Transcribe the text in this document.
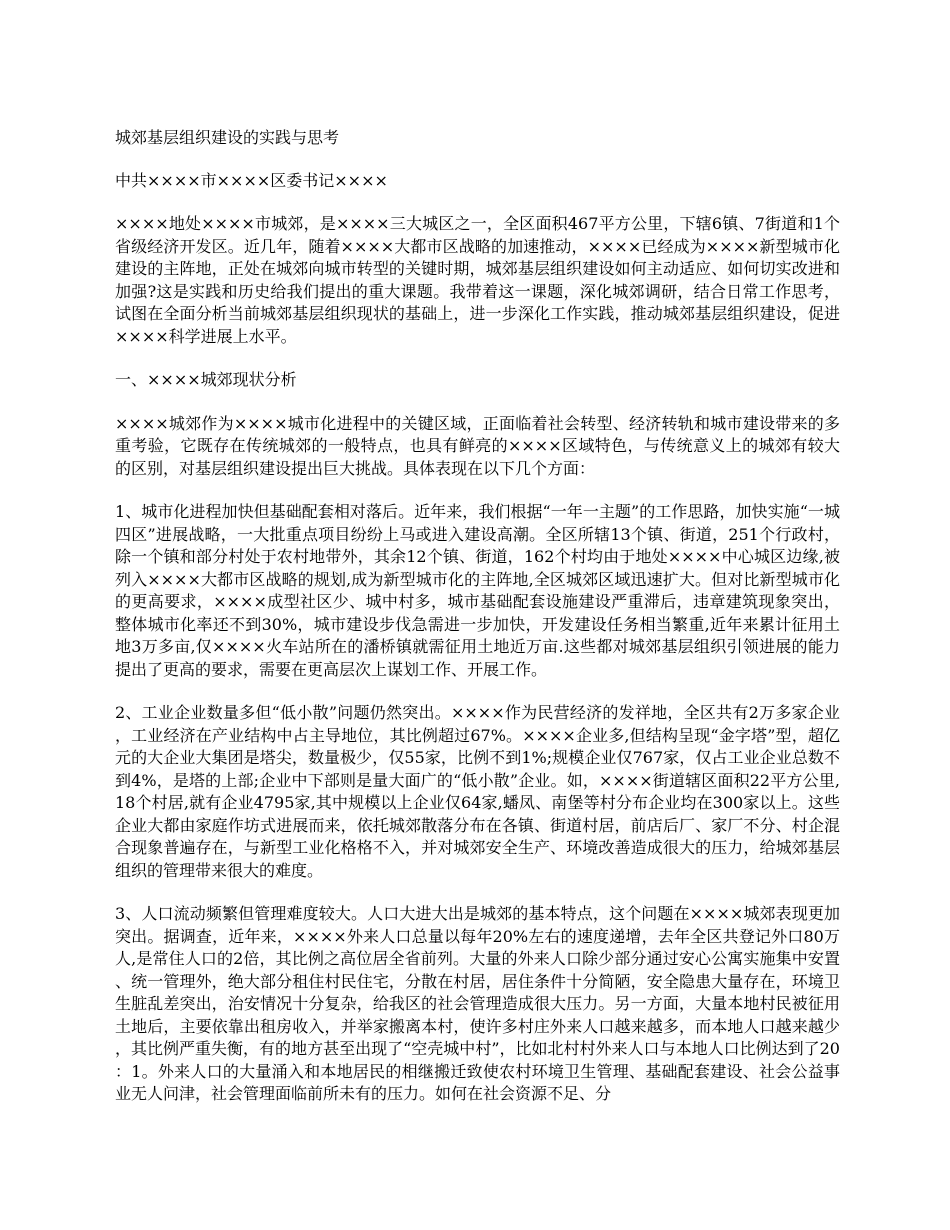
城郊基层组织建设的实践与思考

中共××××市××××区委书记××××

××××地处××××市城郊，是××××三大城区之一，全区面积467平方公里，下辖6镇、7街道和1个省级经济开发区。近几年，随着××××大都市区战略的加速推动，××××已经成为××××新型城市化建设的主阵地，正处在城郊向城市转型的关键时期，城郊基层组织建设如何主动适应、如何切实改进和加强?这是实践和历史给我们提出的重大课题。我带着这一课题，深化城郊调研，结合日常工作思考，试图在全面分析当前城郊基层组织现状的基础上，进一步深化工作实践，推动城郊基层组织建设，促进××××科学进展上水平。

一、××××城郊现状分析

××××城郊作为××××城市化进程中的关键区域，正面临着社会转型、经济转轨和城市建设带来的多重考验，它既存在传统城郊的一般特点，也具有鲜亮的××××区域特色，与传统意义上的城郊有较大的区别，对基层组织建设提出巨大挑战。具体表现在以下几个方面：

1、城市化进程加快但基础配套相对落后。近年来，我们根据“一年一主题”的工作思路，加快实施“一城四区”进展战略，一大批重点项目纷纷上马或进入建设高潮。全区所辖13个镇、街道，251个行政村，除一个镇和部分村处于农村地带外，其余12个镇、街道，162个村均由于地处××××中心城区边缘,被列入××××大都市区战略的规划,成为新型城市化的主阵地,全区城郊区域迅速扩大。但对比新型城市化的更高要求，××××成型社区少、城中村多，城市基础配套设施建设严重滞后，违章建筑现象突出，整体城市化率还不到30%，城市建设步伐急需进一步加快，开发建设任务相当繁重,近年来累计征用土地3万多亩,仅××××火车站所在的潘桥镇就需征用土地近万亩.这些都对城郊基层组织引领进展的能力提出了更高的要求，需要在更高层次上谋划工作、开展工作。

2、工业企业数量多但“低小散”问题仍然突出。××××作为民营经济的发祥地，全区共有2万多家企业，工业经济在产业结构中占主导地位，其比例超过67%。××××企业多,但结构呈现“金字塔”型，超亿元的大企业大集团是塔尖，数量极少，仅55家，比例不到1%;规模企业仅767家，仅占工业企业总数不到4%，是塔的上部;企业中下部则是量大面广的“低小散”企业。如，××××街道辖区面积22平方公里,18个村居,就有企业4795家,其中规模以上企业仅64家,蟠凤、南堡等村分布企业均在300家以上。这些企业大都由家庭作坊式进展而来，依托城郊散落分布在各镇、街道村居，前店后厂、家厂不分、村企混合现象普遍存在，与新型工业化格格不入，并对城郊安全生产、环境改善造成很大的压力，给城郊基层组织的管理带来很大的难度。

3、人口流动频繁但管理难度较大。人口大进大出是城郊的基本特点，这个问题在××××城郊表现更加突出。据调查，近年来，××××外来人口总量以每年20%左右的速度递增，去年全区共登记外口80万人,是常住人口的2倍，其比例之高位居全省前列。大量的外来人口除少部分通过安心公寓实施集中安置、统一管理外，绝大部分租住村民住宅，分散在村居，居住条件十分简陋，安全隐患大量存在，环境卫生脏乱差突出，治安情况十分复杂，给我区的社会管理造成很大压力。另一方面，大量本地村民被征用土地后，主要依靠出租房收入，并举家搬离本村，使许多村庄外来人口越来越多，而本地人口越来越少，其比例严重失衡，有的地方甚至出现了“空壳城中村”，比如北村村外来人口与本地人口比例达到了20：1。外来人口的大量涌入和本地居民的相继搬迁致使农村环境卫生管理、基础配套建设、社会公益事业无人问津，社会管理面临前所未有的压力。如何在社会资源不足、分
